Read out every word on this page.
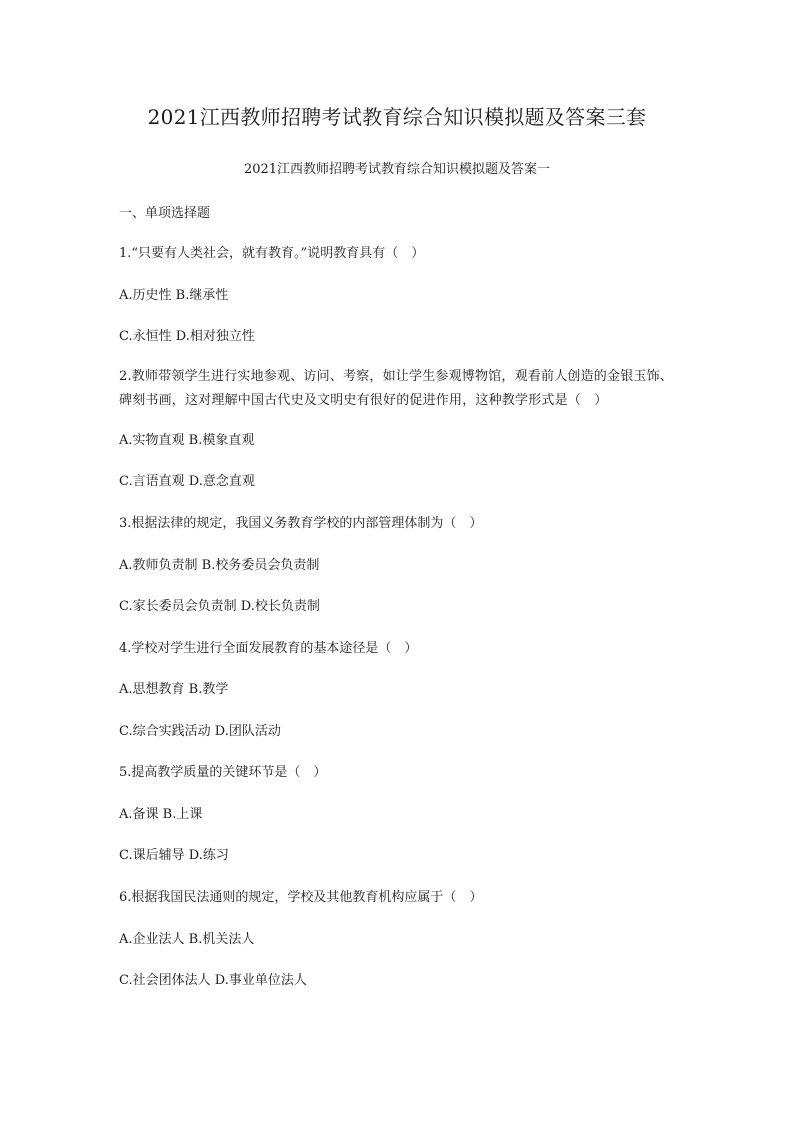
2021江西教师招聘考试教育综合知识模拟题及答案三套
2021江西教师招聘考试教育综合知识模拟题及答案一
一、单项选择题
1.“只要有人类社会，就有教育。”说明教育具有（　）
A.历史性 B.继承性
C.永恒性 D.相对独立性
2.教师带领学生进行实地参观、访问、考察，如让学生参观博物馆，观看前人创造的金银玉饰、碑刻书画，这对理解中国古代史及文明史有很好的促进作用，这种教学形式是（　）
A.实物直观 B.模象直观
C.言语直观 D.意念直观
3.根据法律的规定，我国义务教育学校的内部管理体制为（　）
A.教师负责制 B.校务委员会负责制
C.家长委员会负责制 D.校长负责制
4.学校对学生进行全面发展教育的基本途径是（　）
A.思想教育 B.教学
C.综合实践活动 D.团队活动
5.提高教学质量的关键环节是（　）
A.备课 B.上课
C.课后辅导 D.练习
6.根据我国民法通则的规定，学校及其他教育机构应属于（　）
A.企业法人 B.机关法人
C.社会团体法人 D.事业单位法人
